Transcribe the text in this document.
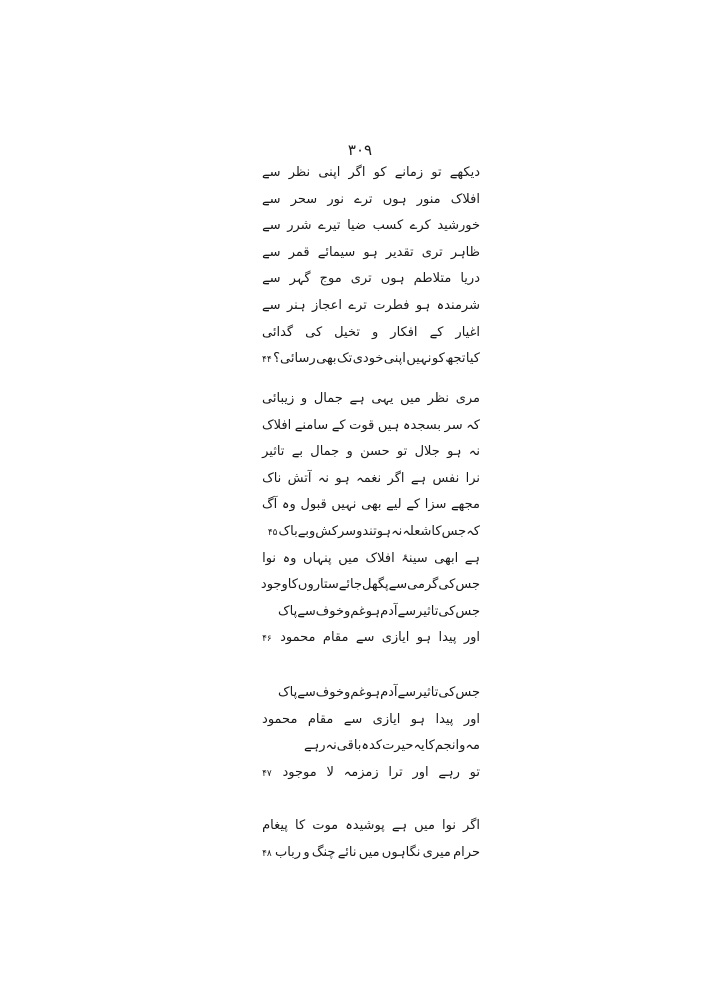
۳۰۹
دیکھے
تو
زمانے
کو
اگر
اپنی
نظر
سے
افلاک
منور
ہوں
ترے
نور
سحر
سے
خورشید
کرے
کسب
ضیا
تیرے
شرر
سے
ظاہر
تری
تقدیر
ہو
سیمائے
قمر
سے
دریا
متلاطم
ہوں
تری
موج
گہر
سے
شرمندہ
ہو
فطرت
ترے
اعجاز
ہنر
سے
اغیار
کے
افکار
و
تخیل
کی
گدائی
کیا
تجھ
کو
نہیں
اپنی
خودی
تک
بھی
رسائی؟
۴۴
مری
نظر
میں
یہی
ہے
جمال
و
زیبائی
کہ
سر
بسجدہ
ہیں
قوت
کے
سامنے
افلاک
نہ
ہو
جلال
تو
حسن
و
جمال
بے
تاثیر
نرا
نفس
ہے
اگر
نغمہ
ہو
نہ
آتش
ناک
مجھے
سزا
کے
لیے
بھی
نہیں
قبول
وہ
آگ
کہ
جس
کا
شعلہ
نہ
ہو
تند
و
سرکش
و
بے
باک
۴۵
ہے
ابھی
سینۂ
افلاک
میں
پنہاں
وہ
نوا
جس
کی
گرمی
سے
پگھل
جائے
ستاروں
کا
وجود
جس
کی
تاثیر
سے
آدم
ہو
غم
و
خوف
سے
پاک
اور
پیدا
ہو
ایازی
سے
مقام
محمود
۴۶
جس
کی
تاثیر
سے
آدم
ہو
غم
و
خوف
سے
پاک
اور
پیدا
ہو
ایازی
سے
مقام
محمود
مہ
و
انجم
کا
یہ
حیرت
کدہ
باقی
نہ
رہے
تو
رہے
اور
ترا
زمزمہ
لا
موجود
۴۷
اگر
نوا
میں
ہے
پوشیدہ
موت
کا
پیغام
حرام
میری
نگاہوں
میں
نائے
چنگ
و
رباب
۴۸
